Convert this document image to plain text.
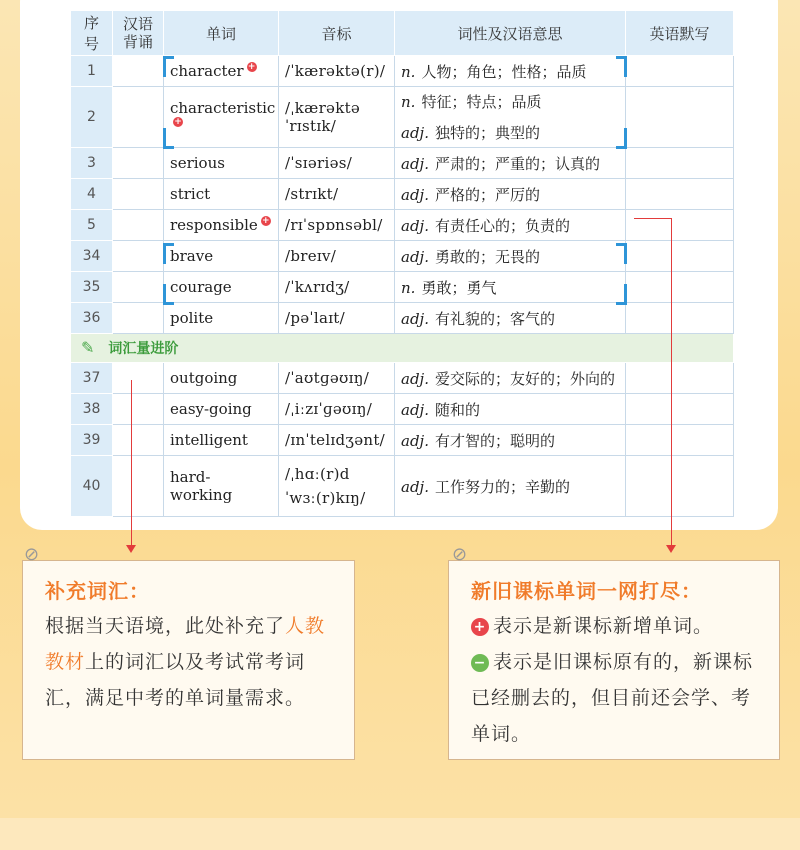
序号	汉语
背诵	单词	音标	词性及汉语意思	英语默写
1		character +	/ˈkærəktə(r)/	n. 人物；角色；性格；品质	

2		characteristic+	/ˌkærəktəˈrɪstɪk/	n. 特征；特点；品质
adj. 独特的；典型的	

3		serious	/ˈsɪəriəs/	adj. 严肃的；严重的；认真的	

4		strict	/strɪkt/	adj. 严格的；严厉的	

5		responsible +	/rɪˈspɒnsəbl/	adj. 有责任心的；负责的	

34		brave	/breɪv/	adj. 勇敢的；无畏的	

35		courage	/ˈkʌrɪdʒ/	n. 勇敢；勇气	

36		polite	/pəˈlaɪt/	adj. 有礼貌的；客气的	

✎ 词汇量进阶					
37		outgoing	/ˈaʊtɡəʊɪŋ/	adj. 爱交际的；友好的；外向的	

38		easy-going	/ˌiːzɪˈɡəʊɪŋ/	adj. 随和的	

39		intelligent	/ɪnˈtelɪdʒənt/	adj. 有才智的；聪明的	

40		hard-working	/ˌhɑː(r)d
ˈwɜː(r)kɪŋ/	adj. 工作努力的；辛勤的	

补充词汇：
根据当天语境，此处补充了人教教材上的词汇以及考试常考词汇，满足中考的单词量需求。
⊘
新旧课标单词一网打尽：
+ 表示是新课标新增单词。
− 表示是旧课标原有的，新课标已经删去的，但目前还会学、考单词。
⊘
